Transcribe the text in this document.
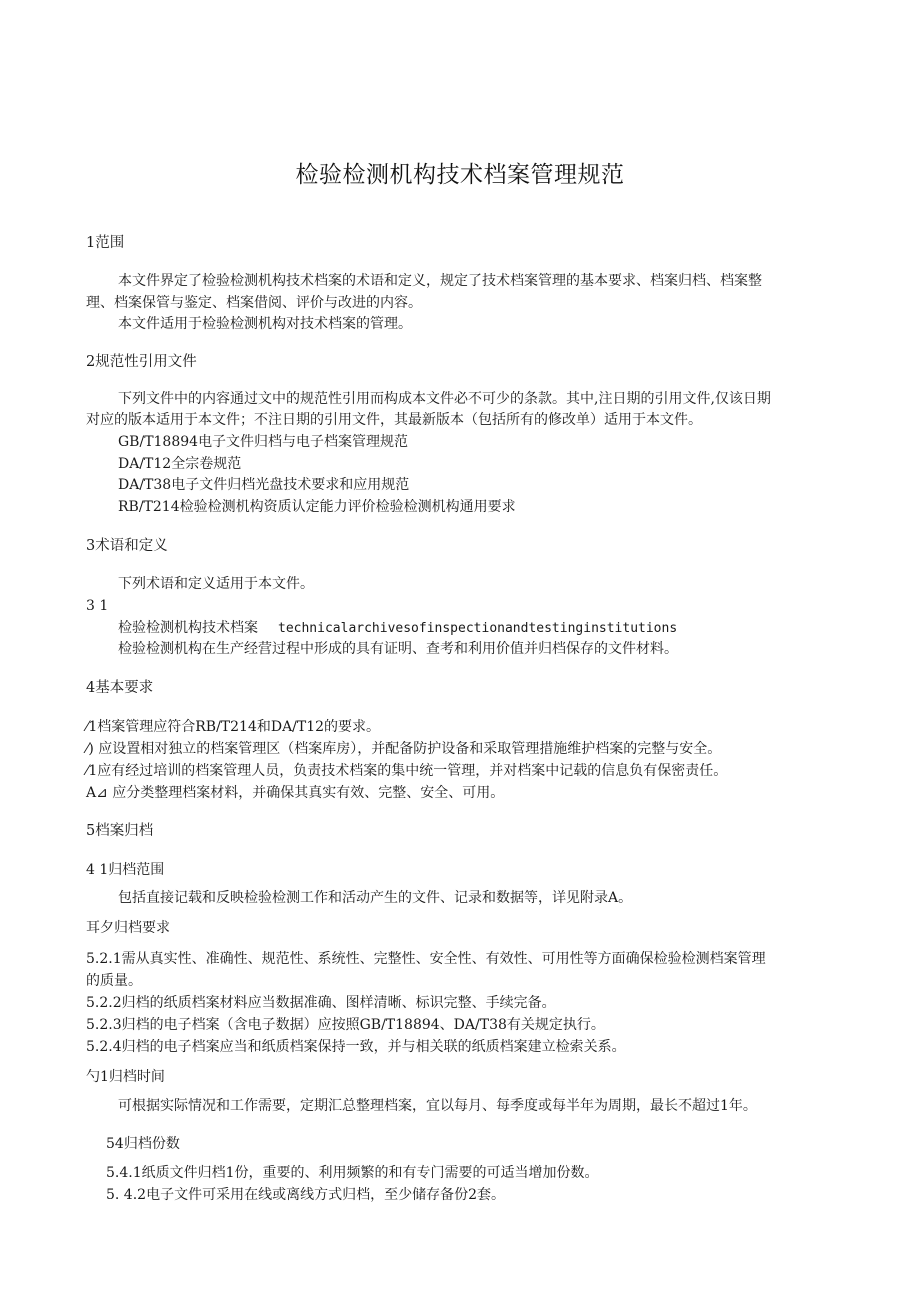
检验检测机构技术档案管理规范
1范围
本文件界定了检验检测机构技术档案的术语和定义，规定了技术档案管理的基本要求、档案归档、档案整
理、档案保管与鉴定、档案借阅、评价与改进的内容。
本文件适用于检验检测机构对技术档案的管理。
2规范性引用文件
下列文件中的内容通过文中的规范性引用而构成本文件必不可少的条款。其中,注日期的引用文件,仅该日期
对应的版本适用于本文件；不注日期的引用文件，其最新版本（包括所有的修改单）适用于本文件。
GB/T18894电子文件归档与电子档案管理规范
DA/T12全宗卷规范
DA/T38电子文件归档光盘技术要求和应用规范
RB/T214检验检测机构资质认定能力评价检验检测机构通用要求
3术语和定义
下列术语和定义适用于本文件。
3 1
检验检测机构技术档案 technicalarchivesofinspectionandtestinginstitutions
检验检测机构在生产经营过程中形成的具有证明、查考和利用价值并归档保存的文件材料。
4基本要求
⁄1档案管理应符合RB/T214和DA/T12的要求。
⁄) 应设置相对独立的档案管理区（档案库房），并配备防护设备和采取管理措施维护档案的完整与安全。
⁄1应有经过培训的档案管理人员，负责技术档案的集中统一管理，并对档案中记载的信息负有保密责任。
A⊿ 应分类整理档案材料，并确保其真实有效、完整、安全、可用。
5档案归档
4 1归档范围
包括直接记载和反映检验检测工作和活动产生的文件、记录和数据等，详见附录A。
耳夕归档要求
5.2.1需从真实性、准确性、规范性、系统性、完整性、安全性、有效性、可用性等方面确保检验检测档案管理
的质量。
5.2.2归档的纸质档案材料应当数据准确、图样清晰、标识完整、手续完备。
5.2.3归档的电子档案（含电子数据）应按照GB/T18894、DA/T38有关规定执行。
5.2.4归档的电子档案应当和纸质档案保持一致，并与相关联的纸质档案建立检索关系。
勺1归档时间
可根据实际情况和工作需要，定期汇总整理档案，宜以每月、每季度或每半年为周期，最长不超过1年。
54归档份数
5.4.1纸质文件归档1份，重要的、利用频繁的和有专门需要的可适当增加份数。
5. 4.2电子文件可采用在线或离线方式归档，至少储存备份2套。
